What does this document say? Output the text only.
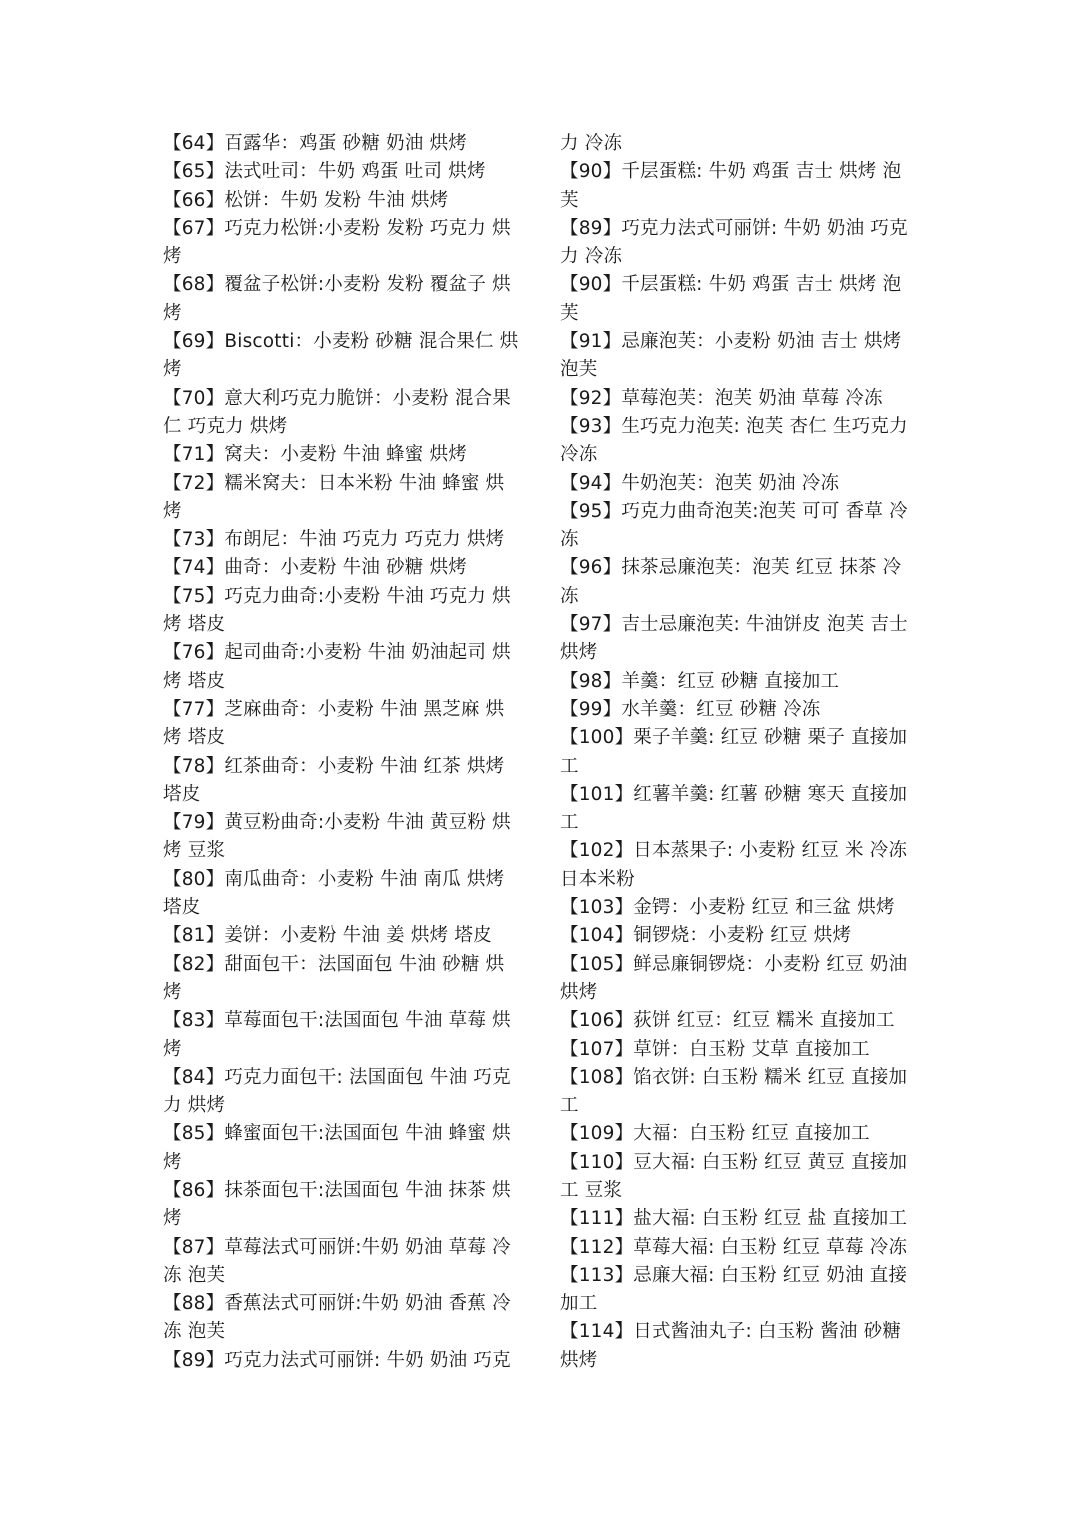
【64】百露华：鸡蛋 砂糖 奶油 烘烤
【65】法式吐司：牛奶 鸡蛋 吐司 烘烤
【66】松饼：牛奶 发粉 牛油 烘烤
【67】巧克力松饼:小麦粉 发粉 巧克力 烘
烤
【68】覆盆子松饼:小麦粉 发粉 覆盆子 烘
烤
【69】Biscotti：小麦粉 砂糖 混合果仁 烘
烤
【70】意大利巧克力脆饼：小麦粉 混合果
仁 巧克力 烘烤
【71】窝夫：小麦粉 牛油 蜂蜜 烘烤
【72】糯米窝夫：日本米粉 牛油 蜂蜜 烘
烤
【73】布朗尼：牛油 巧克力 巧克力 烘烤
【74】曲奇：小麦粉 牛油 砂糖 烘烤
【75】巧克力曲奇:小麦粉 牛油 巧克力 烘
烤 塔皮
【76】起司曲奇:小麦粉 牛油 奶油起司 烘
烤 塔皮
【77】芝麻曲奇：小麦粉 牛油 黑芝麻 烘
烤 塔皮
【78】红茶曲奇：小麦粉 牛油 红茶 烘烤
塔皮
【79】黄豆粉曲奇:小麦粉 牛油 黄豆粉 烘
烤 豆浆
【80】南瓜曲奇：小麦粉 牛油 南瓜 烘烤
塔皮
【81】姜饼：小麦粉 牛油 姜 烘烤 塔皮
【82】甜面包干：法国面包 牛油 砂糖 烘
烤
【83】草莓面包干:法国面包 牛油 草莓 烘
烤
【84】巧克力面包干: 法国面包 牛油 巧克
力 烘烤
【85】蜂蜜面包干:法国面包 牛油 蜂蜜 烘
烤
【86】抹茶面包干:法国面包 牛油 抹茶 烘
烤
【87】草莓法式可丽饼:牛奶 奶油 草莓 冷
冻 泡芙
【88】香蕉法式可丽饼:牛奶 奶油 香蕉 冷
冻 泡芙
【89】巧克力法式可丽饼: 牛奶 奶油 巧克
力 冷冻
【90】千层蛋糕: 牛奶 鸡蛋 吉士 烘烤 泡
芙
【89】巧克力法式可丽饼: 牛奶 奶油 巧克
力 冷冻
【90】千层蛋糕: 牛奶 鸡蛋 吉士 烘烤 泡
芙
【91】忌廉泡芙：小麦粉 奶油 吉士 烘烤
泡芙
【92】草莓泡芙：泡芙 奶油 草莓 冷冻
【93】生巧克力泡芙: 泡芙 杏仁 生巧克力
冷冻
【94】牛奶泡芙：泡芙 奶油 冷冻
【95】巧克力曲奇泡芙:泡芙 可可 香草 冷
冻
【96】抹茶忌廉泡芙：泡芙 红豆 抹茶 冷
冻
【97】吉士忌廉泡芙: 牛油饼皮 泡芙 吉士
烘烤
【98】羊羹：红豆 砂糖 直接加工
【99】水羊羹：红豆 砂糖 冷冻
【100】栗子羊羹: 红豆 砂糖 栗子 直接加
工
【101】红薯羊羹: 红薯 砂糖 寒天 直接加
工
【102】日本蒸果子: 小麦粉 红豆 米 冷冻
日本米粉
【103】金锷：小麦粉 红豆 和三盆 烘烤
【104】铜锣烧：小麦粉 红豆 烘烤
【105】鲜忌廉铜锣烧：小麦粉 红豆 奶油
烘烤
【106】荻饼 红豆：红豆 糯米 直接加工
【107】草饼：白玉粉 艾草 直接加工
【108】馅衣饼: 白玉粉 糯米 红豆 直接加
工
【109】大福：白玉粉 红豆 直接加工
【110】豆大福: 白玉粉 红豆 黄豆 直接加
工 豆浆
【111】盐大福: 白玉粉 红豆 盐 直接加工
【112】草莓大福: 白玉粉 红豆 草莓 冷冻
【113】忌廉大福: 白玉粉 红豆 奶油 直接
加工
【114】日式酱油丸子: 白玉粉 酱油 砂糖
烘烤
